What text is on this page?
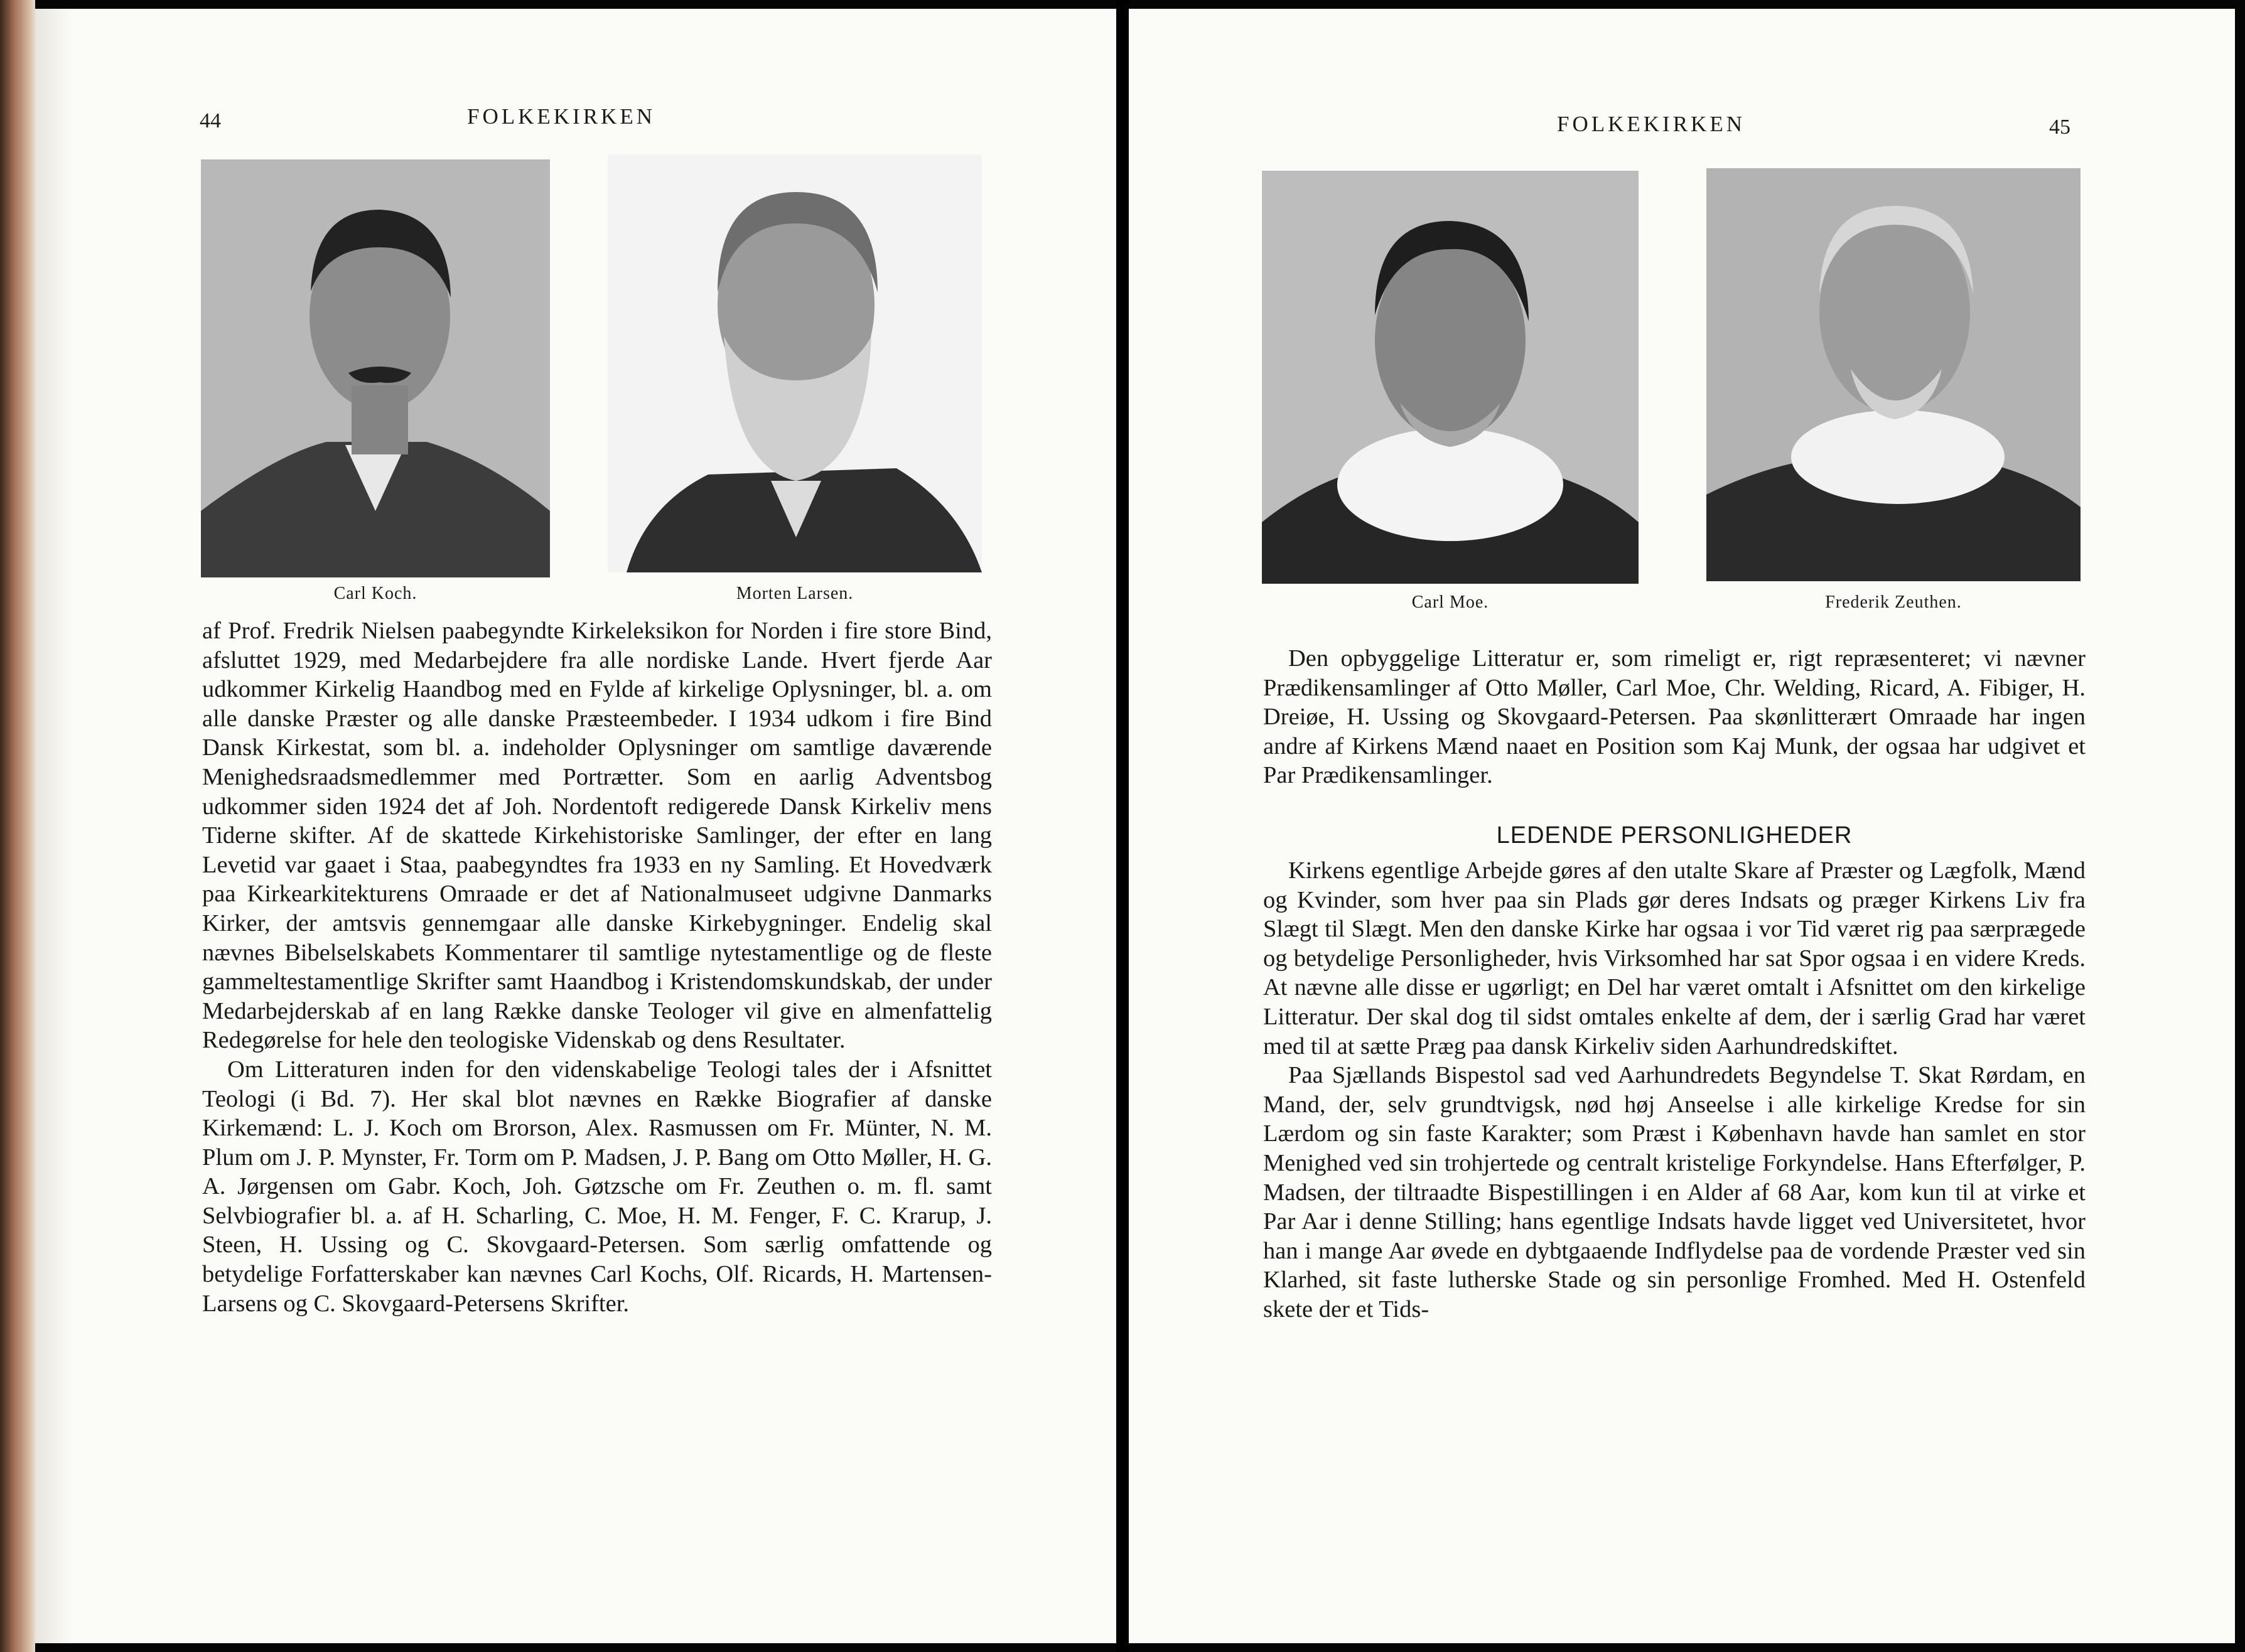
44	FOLKEKIRKEN
Carl Koch.	Morten Larsen.

af Prof. Fredrik Nielsen paabegyndte Kirkeleksikon for Norden i fire store Bind, afsluttet 1929, med Medarbejdere fra alle nordiske Lande. Hvert fjerde Aar udkommer Kirkelig Haandbog med en Fylde af kirkelige Oplysninger, bl. a. om alle danske Præster og alle danske Præsteembeder. I 1934 udkom i fire Bind Dansk Kirkestat, som bl. a. indeholder Oplysninger om samtlige daværende Menighedsraadsmedlemmer med Portrætter. Som en aarlig Adventsbog udkommer siden 1924 det af Joh. Nordentoft redigerede Dansk Kirkeliv mens Tiderne skifter. Af de skattede Kirkehistoriske Samlinger, der efter en lang Levetid var gaaet i Staa, paabegyndtes fra 1933 en ny Samling. Et Hovedværk paa Kirkearkitekturens Omraade er det af Nationalmuseet udgivne Danmarks Kirker, der amtsvis gennemgaar alle danske Kirkebygninger. Endelig skal nævnes Bibelselskabets Kommentarer til samtlige nytestamentlige og de fleste gammeltestamentlige Skrifter samt Haandbog i Kristendomskundskab, der under Medarbejderskab af en lang Række danske Teologer vil give en almenfattelig Redegørelse for hele den teologiske Videnskab og dens Resultater.

Om Litteraturen inden for den videnskabelige Teologi tales der i Afsnittet Teologi (i Bd. 7). Her skal blot nævnes en Række Biografier af danske Kirkemænd: L. J. Koch om Brorson, Alex. Rasmussen om Fr. Münter, N. M. Plum om J. P. Mynster, Fr. Torm om P. Madsen, J. P. Bang om Otto Møller, H. G. A. Jørgensen om Gabr. Koch, Joh. Gøtzsche om Fr. Zeuthen o. m. fl. samt Selvbiografier bl. a. af H. Scharling, C. Moe, H. M. Fenger, F. C. Krarup, J. Steen, H. Ussing og C. Skovgaard-Petersen. Som særlig omfattende og betydelige Forfatterskaber kan nævnes Carl Kochs, Olf. Ricards, H. Martensen-Larsens og C. Skovgaard-Petersens Skrifter.

FOLKEKIRKEN	45
Carl Moe.	Frederik Zeuthen.

Den opbyggelige Litteratur er, som rimeligt er, rigt repræsenteret; vi nævner Prædikensamlinger af Otto Møller, Carl Moe, Chr. Welding, Ricard, A. Fibiger, H. Dreiøe, H. Ussing og Skovgaard-Petersen. Paa skønlitterært Omraade har ingen andre af Kirkens Mænd naaet en Position som Kaj Munk, der ogsaa har udgivet et Par Prædikensamlinger.

LEDENDE PERSONLIGHEDER

Kirkens egentlige Arbejde gøres af den utalte Skare af Præster og Lægfolk, Mænd og Kvinder, som hver paa sin Plads gør deres Indsats og præger Kirkens Liv fra Slægt til Slægt. Men den danske Kirke har ogsaa i vor Tid været rig paa særprægede og betydelige Personligheder, hvis Virksomhed har sat Spor ogsaa i en videre Kreds. At nævne alle disse er ugørligt; en Del har været omtalt i Afsnittet om den kirkelige Litteratur. Der skal dog til sidst omtales enkelte af dem, der i særlig Grad har været med til at sætte Præg paa dansk Kirkeliv siden Aarhundredskiftet.

Paa Sjællands Bispestol sad ved Aarhundredets Begyndelse T. Skat Rørdam, en Mand, der, selv grundtvigsk, nød høj Anseelse i alle kirkelige Kredse for sin Lærdom og sin faste Karakter; som Præst i København havde han samlet en stor Menighed ved sin trohjertede og centralt kristelige Forkyndelse. Hans Efterfølger, P. Madsen, der tiltraadte Bispestillingen i en Alder af 68 Aar, kom kun til at virke et Par Aar i denne Stilling; hans egentlige Indsats havde ligget ved Universitetet, hvor han i mange Aar øvede en dybtgaaende Indflydelse paa de vordende Præster ved sin Klarhed, sit faste lutherske Stade og sin personlige Fromhed. Med H. Ostenfeld skete der et Tids-
